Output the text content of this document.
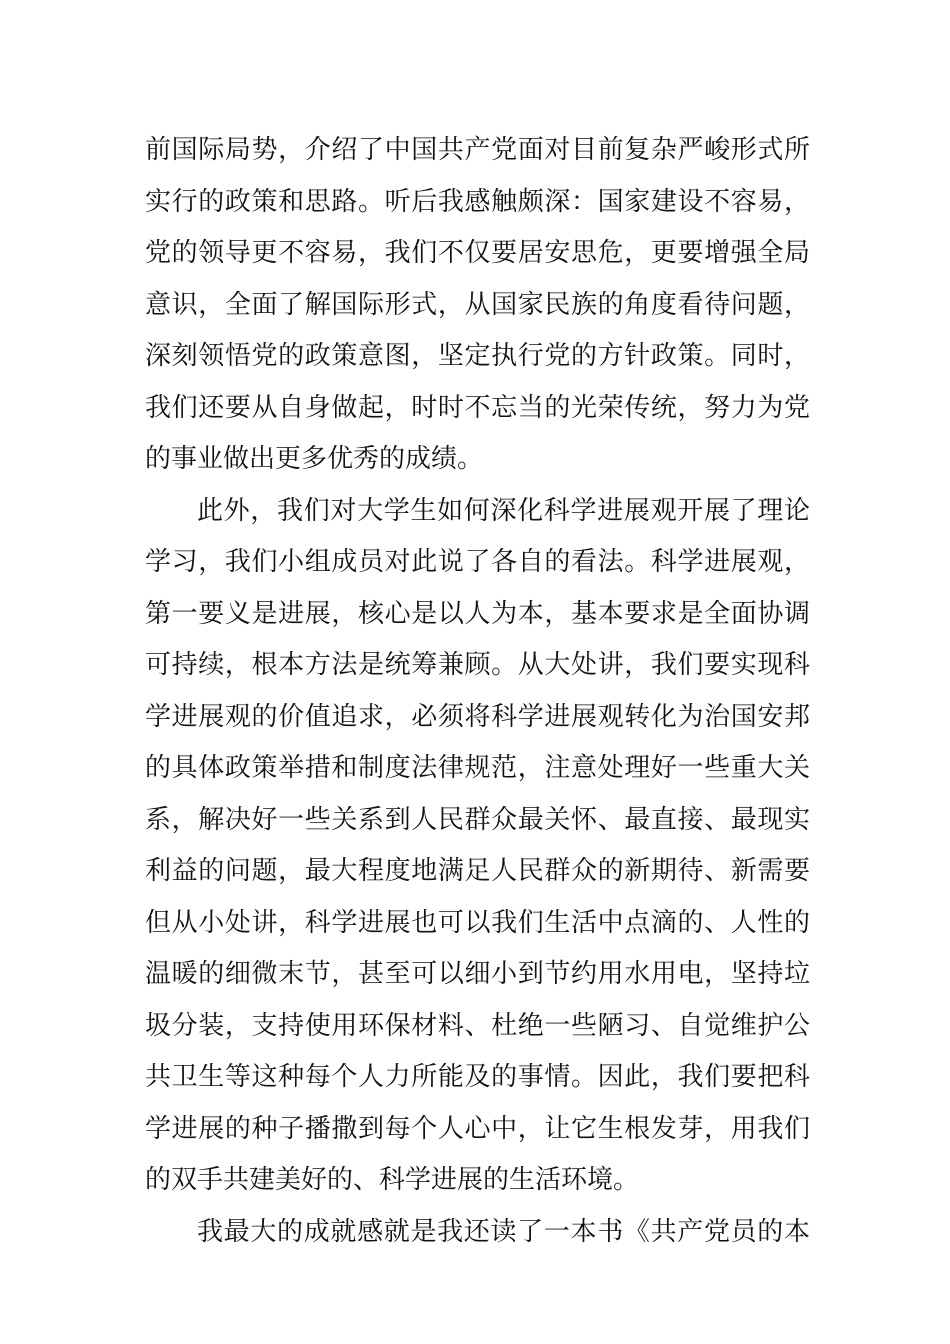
前国际局势，介绍了中国共产党面对目前复杂严峻形式所
实行的政策和思路。听后我感触颇深：国家建设不容易，
党的领导更不容易，我们不仅要居安思危，更要增强全局
意识，全面了解国际形式，从国家民族的角度看待问题，
深刻领悟党的政策意图，坚定执行党的方针政策。同时，
我们还要从自身做起，时时不忘当的光荣传统，努力为党
的事业做出更多优秀的成绩。
此外，我们对大学生如何深化科学进展观开展了理论
学习，我们小组成员对此说了各自的看法。科学进展观，
第一要义是进展，核心是以人为本，基本要求是全面协调
可持续，根本方法是统筹兼顾。从大处讲，我们要实现科
学进展观的价值追求，必须将科学进展观转化为治国安邦
的具体政策举措和制度法律规范，注意处理好一些重大关
系，解决好一些关系到人民群众最关怀、最直接、最现实
利益的问题，最大程度地满足人民群众的新期待、新需要
但从小处讲，科学进展也可以我们生活中点滴的、人性的
温暖的细微末节，甚至可以细小到节约用水用电，坚持垃
圾分装，支持使用环保材料、杜绝一些陋习、自觉维护公
共卫生等这种每个人力所能及的事情。因此，我们要把科
学进展的种子播撒到每个人心中，让它生根发芽，用我们
的双手共建美好的、科学进展的生活环境。
我最大的成就感就是我还读了一本书《共产党员的本
